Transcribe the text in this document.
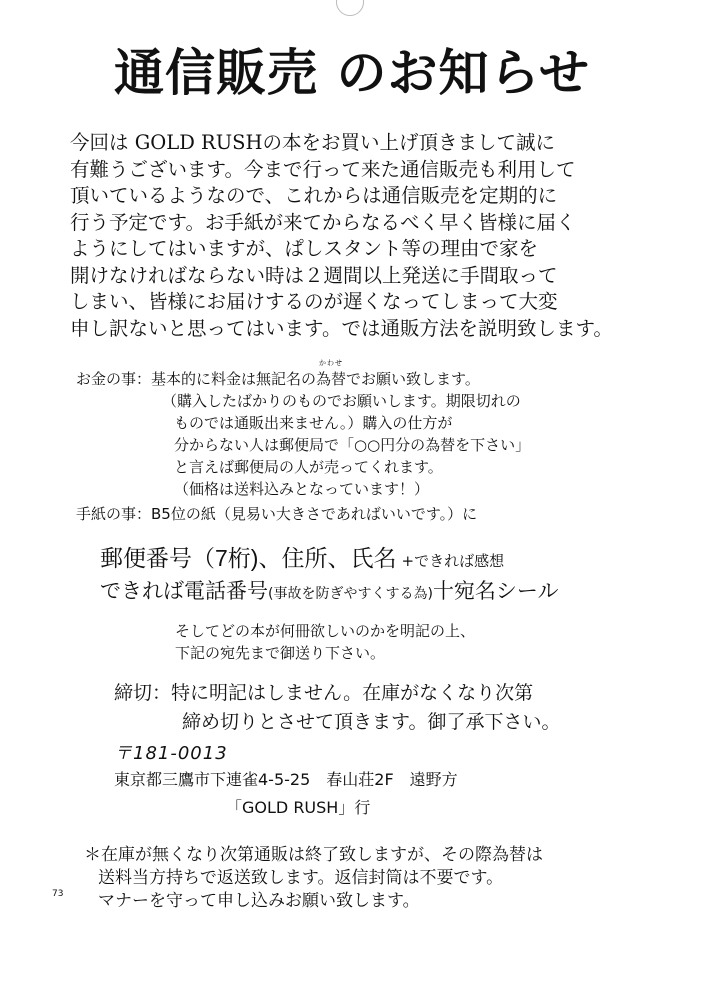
通信販売 のお知らせ
今回は GOLD RUSHの本をお買い上げ頂きまして誠に
有難うございます。今まで行って来た通信販売も利用して
頂いているようなので、これからは通信販売を定期的に
行う予定です。お手紙が来てからなるべく早く皆様に届く
ようにしてはいますが、ぱしスタント等の理由で家を
開けなければならない時は２週間以上発送に手間取って
しまい、皆様にお届けするのが遅くなってしまって大変
申し訳ないと思ってはいます。では通販方法を説明致します。
お金の事：基本的に料金は無記名の
かわせ
為替でお願い致します。
（購入したばかりのものでお願いします。期限切れの
ものでは通販出来ません。）購入の仕方が
分からない人は郵便局で「○○円分の為替を下さい」
と言えば郵便局の人が売ってくれます。
（価格は送料込みとなっています！）
手紙の事：B5位の紙（見易い大きさであればいいです。）に
郵便番号（7桁)、住所、氏名 +できれば感想
できれば電話番号(事故を防ぎやすくする為)十宛名シール
そしてどの本が何冊欲しいのかを明記の上、
下記の宛先まで御送り下さい。
締切：特に明記はしません。在庫がなくなり次第
締め切りとさせて頂きます。御了承下さい。
〒181-0013
東京都三鷹市下連雀4-5-25　春山荘2F　遠野方
「GOLD RUSH」行
＊在庫が無くなり次第通販は終了致しますが、その際為替は
送料当方持ちで返送致します。返信封筒は不要です。
マナーを守って申し込みお願い致します。
73
